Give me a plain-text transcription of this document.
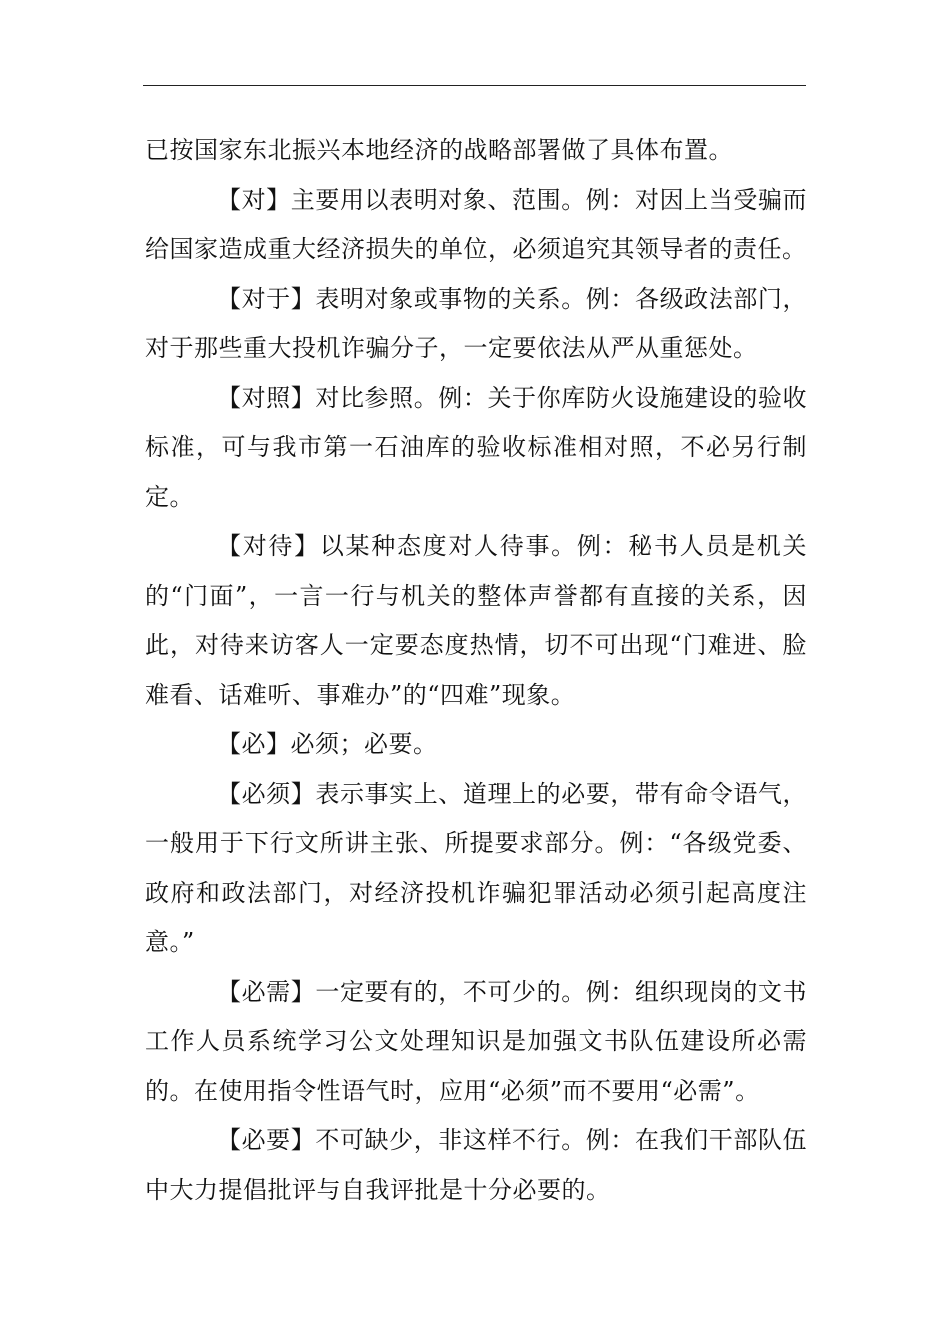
已按国家东北振兴本地经济的战略部署做了具体布置。

【对】主要用以表明对象、范围。例：对因上当受骗而给国家造成重大经济损失的单位，必须追究其领导者的责任。

【对于】表明对象或事物的关系。例：各级政法部门，对于那些重大投机诈骗分子，一定要依法从严从重惩处。

【对照】对比参照。例：关于你库防火设施建设的验收标准，可与我市第一石油库的验收标准相对照，不必另行制定。

【对待】以某种态度对人待事。例：秘书人员是机关的“门面”，一言一行与机关的整体声誉都有直接的关系，因此，对待来访客人一定要态度热情，切不可出现“门难进、脸难看、话难听、事难办”的“四难”现象。

【必】必须；必要。

【必须】表示事实上、道理上的必要，带有命令语气，一般用于下行文所讲主张、所提要求部分。例：“各级党委、政府和政法部门，对经济投机诈骗犯罪活动必须引起高度注意。”

【必需】一定要有的，不可少的。例：组织现岗的文书工作人员系统学习公文处理知识是加强文书队伍建设所必需的。在使用指令性语气时，应用“必须”而不要用“必需”。

【必要】不可缺少，非这样不行。例：在我们干部队伍中大力提倡批评与自我评批是十分必要的。
